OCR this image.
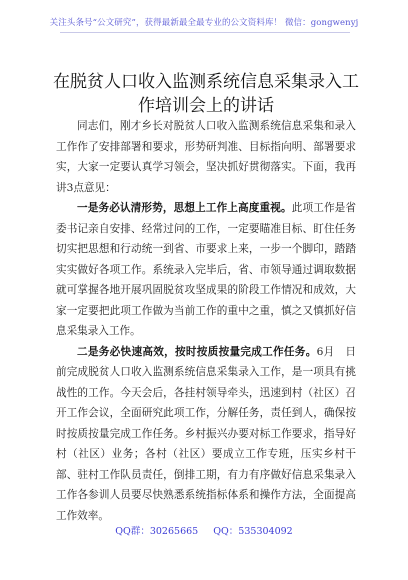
关注头条号“公文研究”，获得最新最全最专业的公文资料库！ 微信：gongwenyj
在脱贫人口收入监测系统信息采集录入工作培训会上的讲话

同志们，刚才乡长对脱贫人口收入监测系统信息采集和录入工作作了安排部署和要求，形势研判准、目标指向明、部署要求实，大家一定要认真学习领会，坚决抓好贯彻落实。下面，我再讲3点意见：

一是务必认清形势，思想上工作上高度重视。此项工作是省委书记亲自安排、经常过问的工作，一定要瞄准目标、盯住任务切实把思想和行动统一到省、市要求上来，一步一个脚印，踏踏实实做好各项工作。系统录入完毕后，省、市领导通过调取数据就可掌握各地开展巩固脱贫攻坚成果的阶段工作情况和成效，大家一定要把此项工作做为当前工作的重中之重，慎之又慎抓好信息采集录入工作。

二是务必快速高效，按时按质按量完成工作任务。6月　日前完成脱贫人口收入监测系统信息采集录入工作，是一项具有挑战性的工作。今天会后，各挂村领导牵头，迅速到村（社区）召开工作会议，全面研究此项工作，分解任务，责任到人，确保按时按质按量完成工作任务。乡村振兴办要对标工作要求，指导好村（社区）业务；各村（社区）要成立工作专班，压实乡村干部、驻村工作队员责任，倒排工期，有力有序做好信息采集录入工作各参训人员要尽快熟悉系统指标体系和操作方法，全面提高工作效率。

QQ群：30265665 QQ：535304092
